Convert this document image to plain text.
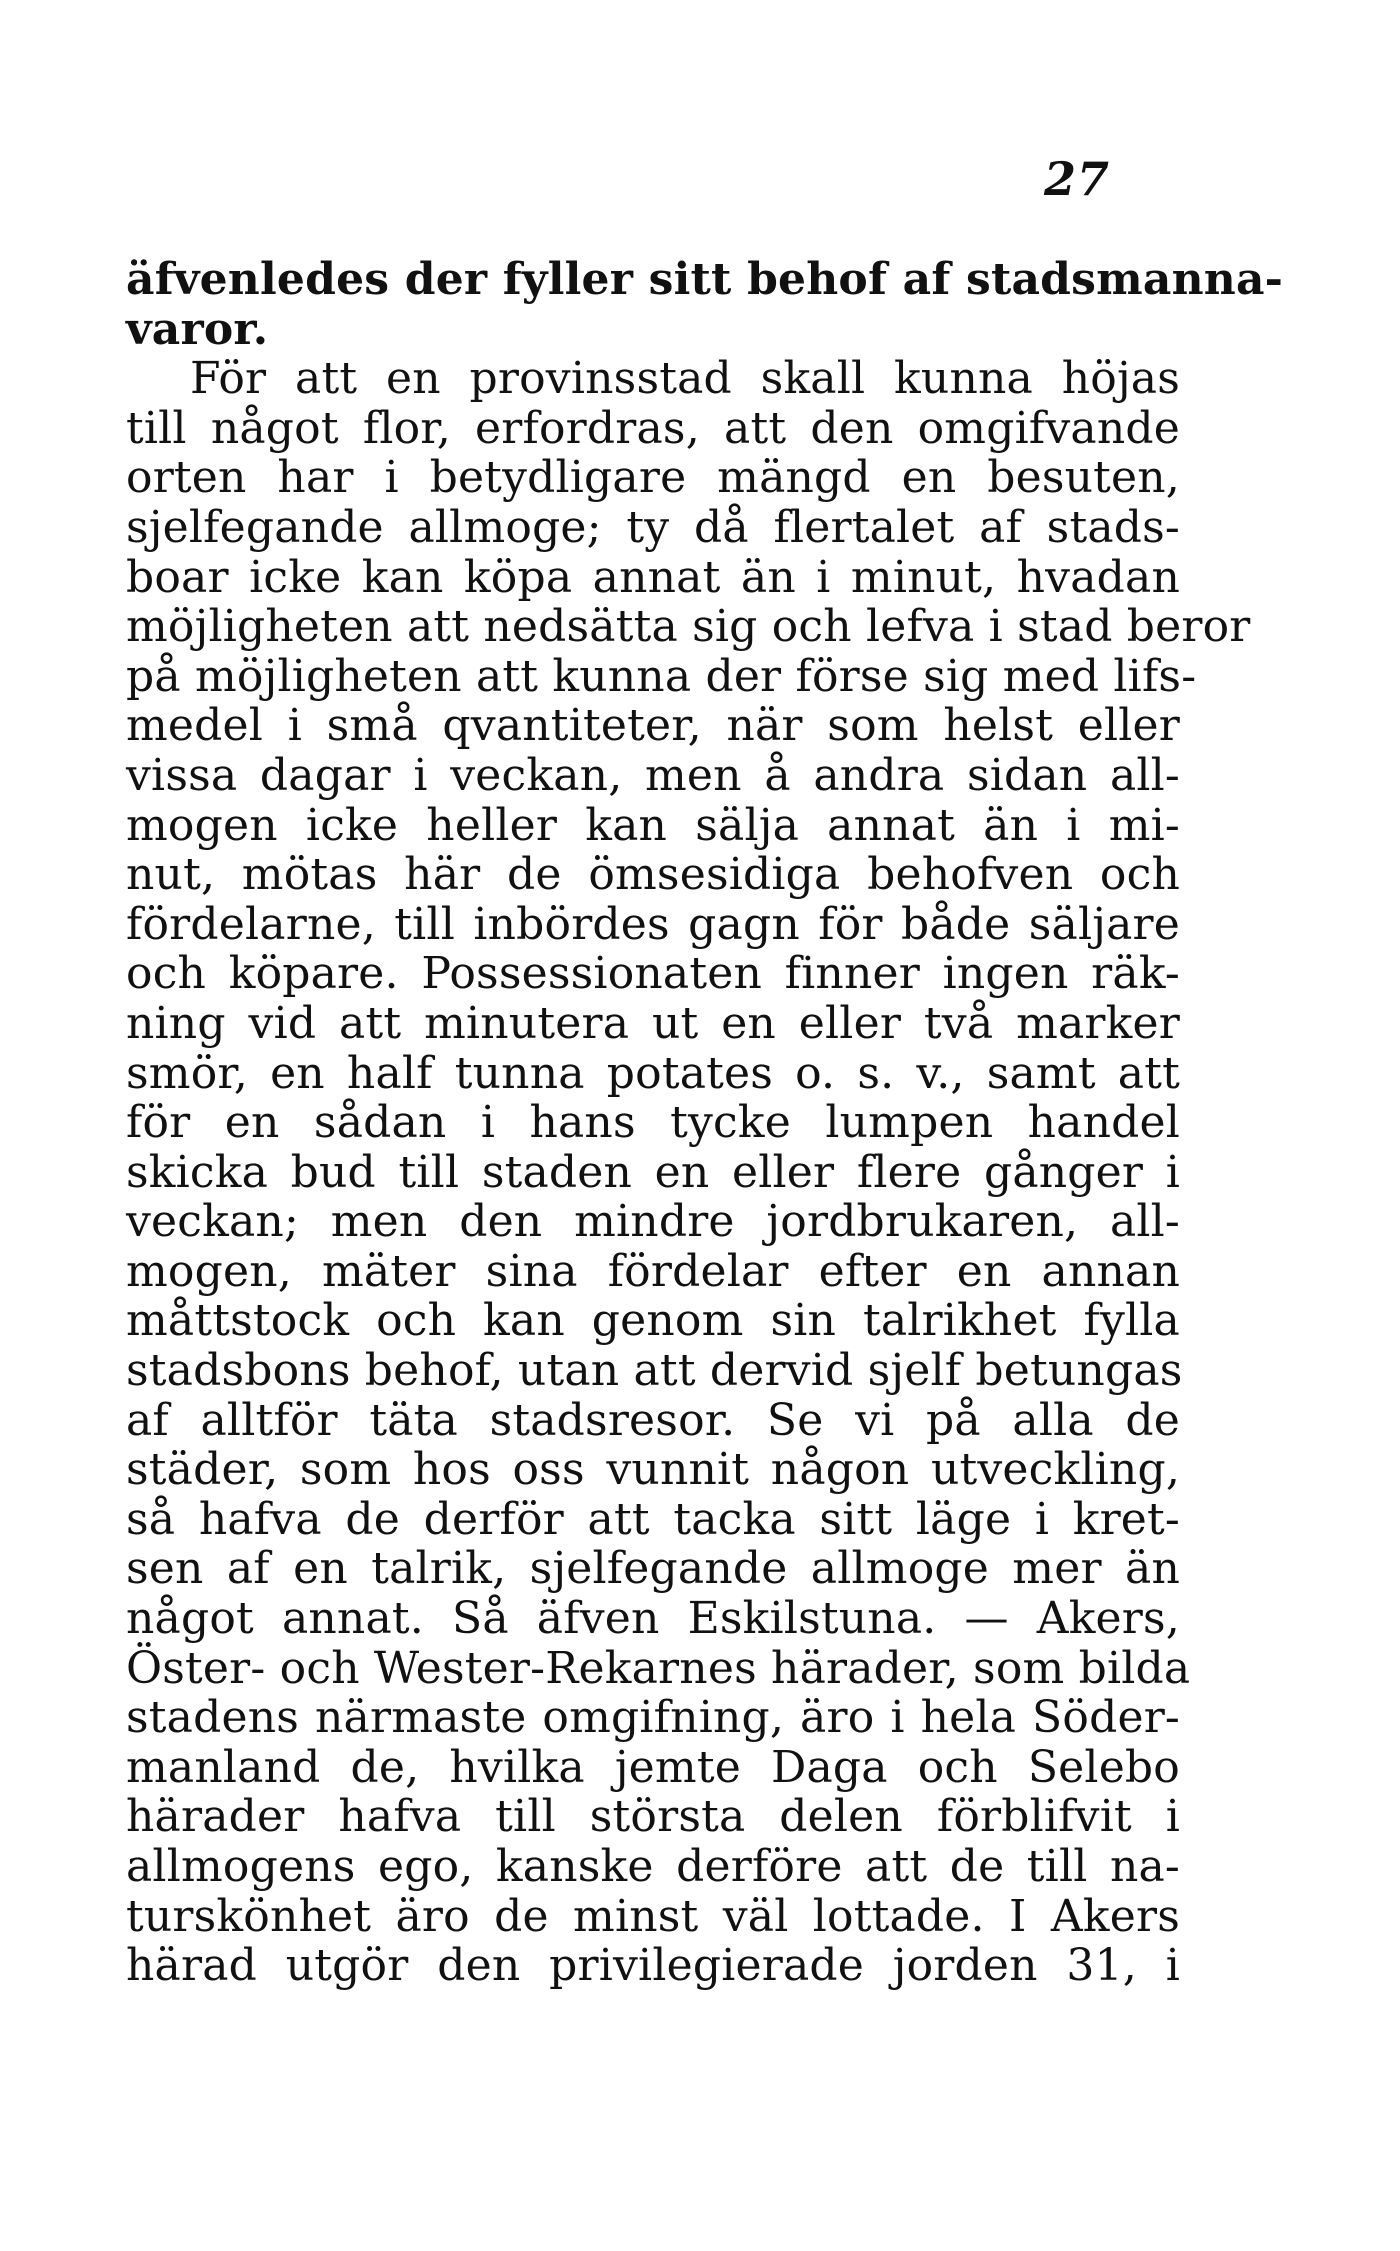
27
äfvenledes der fyller sitt behof af stadsmanna-
varor.
För att en provinsstad skall kunna höjas
till något flor, erfordras, att den omgifvande
orten har i betydligare mängd en besuten,
sjelfegande allmoge; ty då flertalet af stads-
boar icke kan köpa annat än i minut, hvadan
möjligheten att nedsätta sig och lefva i stad beror
på möjligheten att kunna der förse sig med lifs-
medel i små qvantiteter, när som helst eller
vissa dagar i veckan, men å andra sidan all-
mogen icke heller kan sälja annat än i mi-
nut, mötas här de ömsesidiga behofven och
fördelarne, till inbördes gagn för både säljare
och köpare. Possessionaten finner ingen räk-
ning vid att minutera ut en eller två marker
smör, en half tunna potates o. s. v., samt att
för en sådan i hans tycke lumpen handel
skicka bud till staden en eller flere gånger i
veckan; men den mindre jordbrukaren, all-
mogen, mäter sina fördelar efter en annan
måttstock och kan genom sin talrikhet fylla
stadsbons behof, utan att dervid sjelf betungas
af alltför täta stadsresor. Se vi på alla de
städer, som hos oss vunnit någon utveckling,
så hafva de derför att tacka sitt läge i kret-
sen af en talrik, sjelfegande allmoge mer än
något annat. Så äfven Eskilstuna. — Akers,
Öster- och Wester-Rekarnes härader, som bilda
stadens närmaste omgifning, äro i hela Söder-
manland de, hvilka jemte Daga och Selebo
härader hafva till största delen förblifvit i
allmogens ego, kanske derföre att de till na-
turskönhet äro de minst väl lottade. I Akers
härad utgör den privilegierade jorden 31, i
